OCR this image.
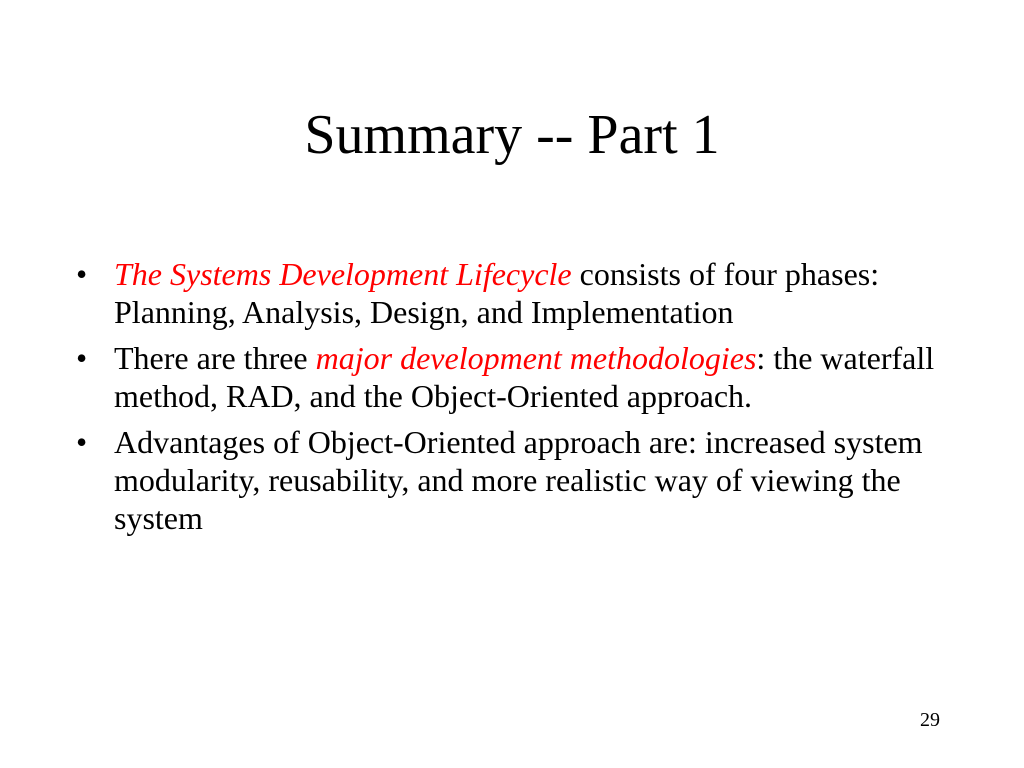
Summary -- Part 1
• The Systems Development Lifecycle consists of four phases: Planning, Analysis, Design, and Implementation
• There are three major development methodologies: the waterfall method, RAD, and the Object-Oriented approach.
• Advantages of Object-Oriented approach are: increased system modularity, reusability, and more realistic way of viewing the system
29
